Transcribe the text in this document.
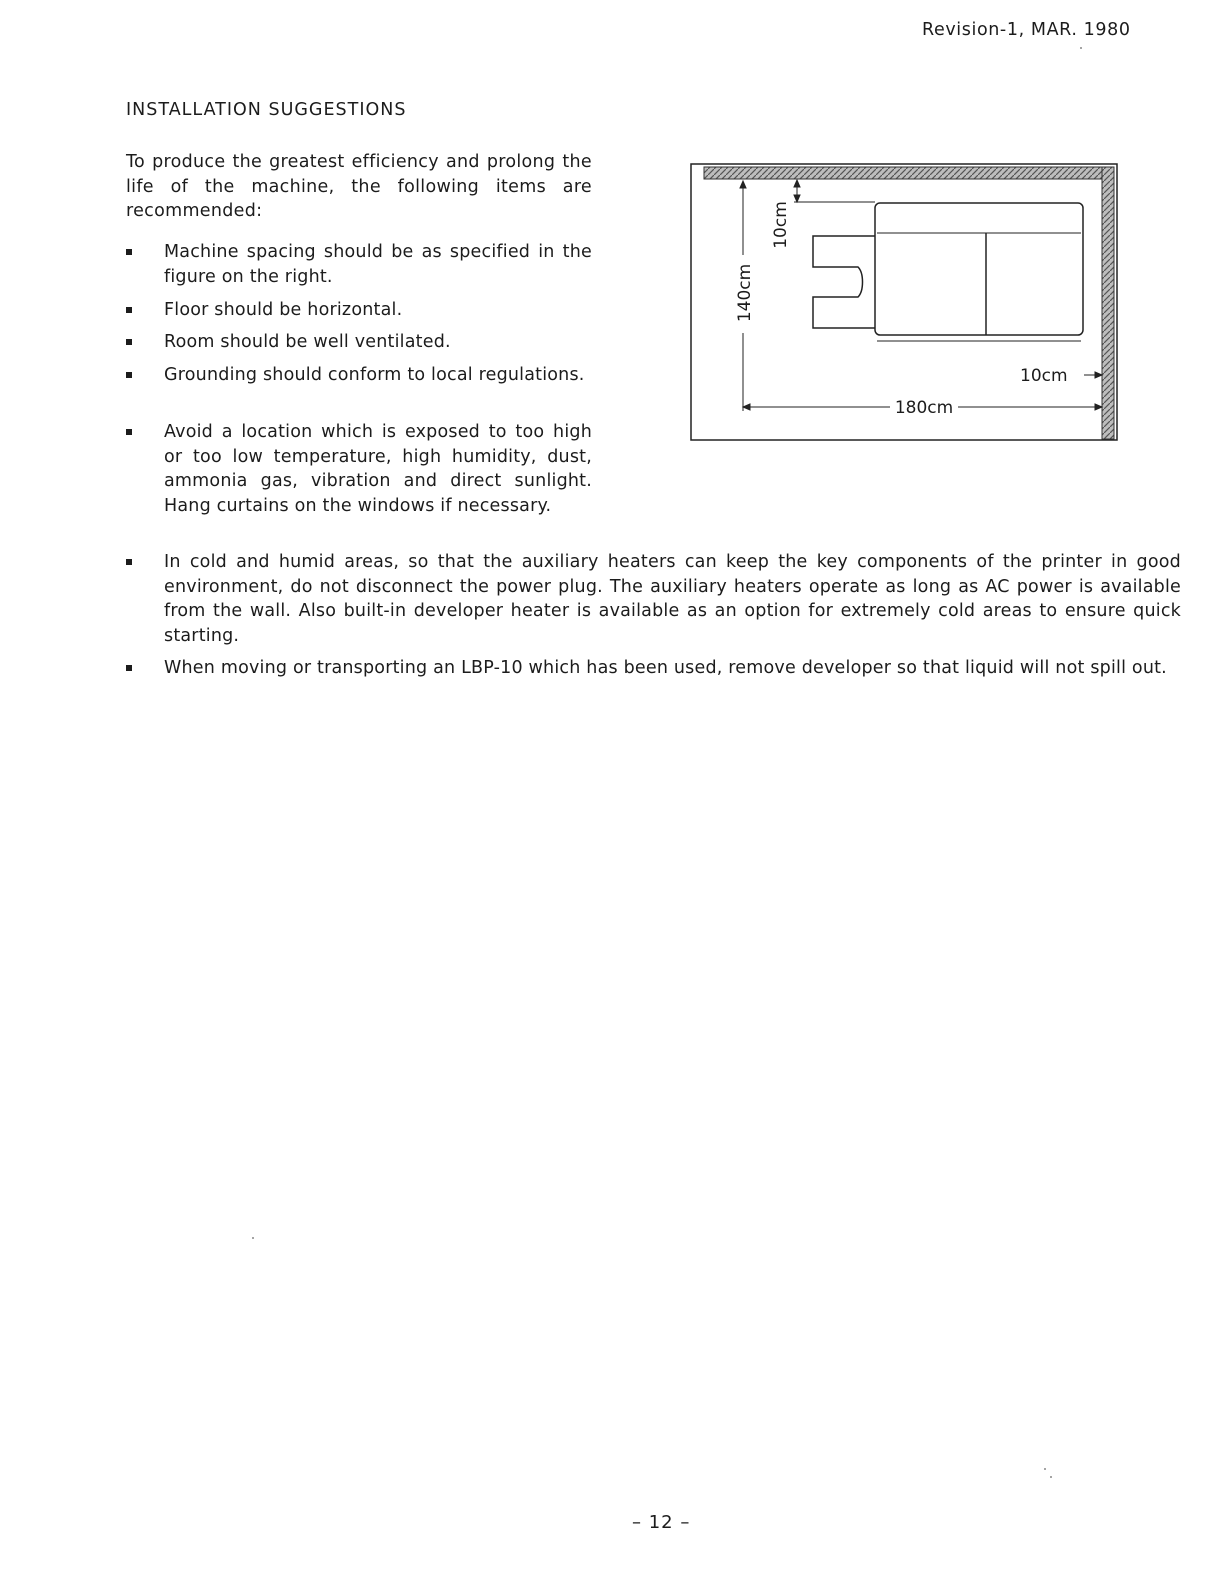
Revision-1, MAR. 1980
INSTALLATION SUGGESTIONS
To produce the greatest efficiency and prolong the life of the machine, the following items are recommended:
Machine spacing should be as specified in the figure on the right.
Floor should be horizontal.
Room should be well ventilated.
Grounding should conform to local regulations.
Avoid a location which is exposed to too high or too low temperature, high humidity, dust, ammonia gas, vibration and direct sunlight. Hang curtains on the windows if necessary.
In cold and humid areas, so that the auxiliary heaters can keep the key components of the printer in good environment, do not disconnect the power plug. The auxiliary heaters operate as long as AC power is available from the wall. Also built-in developer heater is available as an option for extremely cold areas to ensure quick starting.
When moving or transporting an LBP-10 which has been used, remove developer so that liquid will not spill out.
10cm
140cm
10cm
180cm
– 12 –
